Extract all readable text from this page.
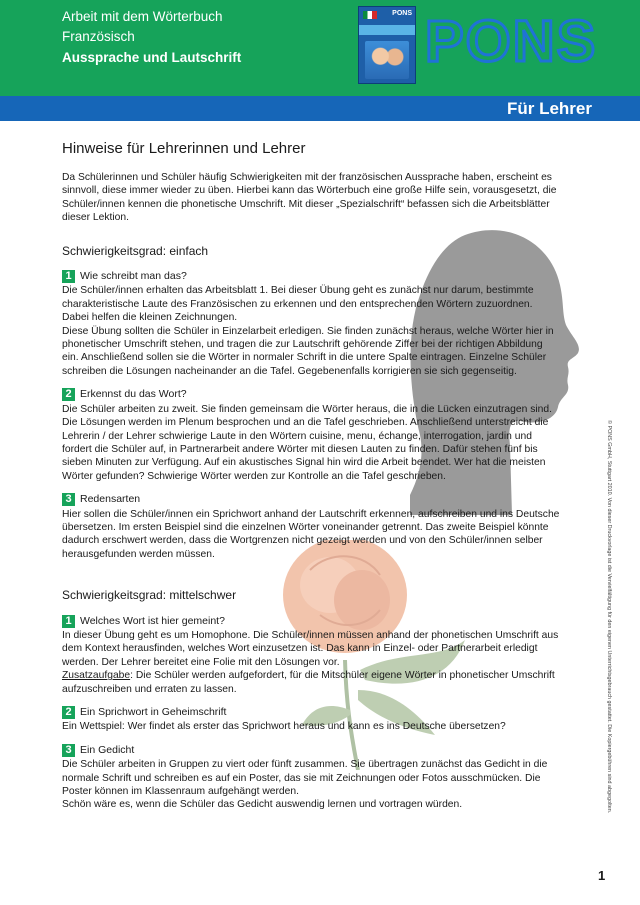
Arbeit mit dem Wörterbuch
Französisch
Aussprache und Lautschrift
PONS PONS
Für Lehrer
Hinweise für Lehrerinnen und Lehrer

Da Schülerinnen und Schüler häufig Schwierigkeiten mit der französischen Aussprache haben, erscheint es sinnvoll, diese immer wieder zu üben. Hierbei kann das Wörterbuch eine große Hilfe sein, vorausgesetzt, die Schüler/innen kennen die phonetische Umschrift. Mit dieser „Spezialschrift“ befassen sich die Arbeitsblätter dieser Lektion.

Schwierigkeitsgrad: einfach
1 Wie schreibt man das?

Die Schüler/innen erhalten das Arbeitsblatt 1. Bei dieser Übung geht es zunächst nur darum, bestimmte charakteristische Laute des Französischen zu erkennen und den entsprechenden Wörtern zuzuordnen. Dabei helfen die kleinen Zeichnungen.
Diese Übung sollten die Schüler in Einzelarbeit erledigen. Sie finden zunächst heraus, welche Wörter hier in phonetischer Umschrift stehen, und tragen die zur Lautschrift gehörende Ziffer bei der richtigen Abbildung ein. Anschließend sollen sie die Wörter in normaler Schrift in die untere Spalte eintragen. Einzelne Schüler schreiben die Lösungen nacheinander an die Tafel. Gegebenenfalls korrigieren sie sich gegenseitig.

2 Erkennst du das Wort?

Die Schüler arbeiten zu zweit. Sie finden gemeinsam die Wörter heraus, die in die Lücken einzutragen sind. Die Lösungen werden im Plenum besprochen und an die Tafel geschrieben. Anschließend unterstreicht die Lehrerin / der Lehrer schwierige Laute in den Wörtern cuisine, menu, échange, interrogation, jardin und fordert die Schüler auf, in Partnerarbeit andere Wörter mit diesen Lauten zu finden. Dafür stehen fünf bis sieben Minuten zur Verfügung. Auf ein akustisches Signal hin wird die Arbeit beendet. Wer hat die meisten Wörter gefunden? Schwierige Wörter werden zur Kontrolle an die Tafel geschrieben.

3 Redensarten

Hier sollen die Schüler/innen ein Sprichwort anhand der Lautschrift erkennen, aufschreiben und ins Deutsche übersetzen. Im ersten Beispiel sind die einzelnen Wörter voneinander getrennt. Das zweite Beispiel könnte dadurch erschwert werden, dass die Wortgrenzen nicht gezeigt werden und von den Schüler/innen selber herausgefunden werden müssen.

Schwierigkeitsgrad: mittelschwer
1 Welches Wort ist hier gemeint?

In dieser Übung geht es um Homophone. Die Schüler/innen müssen anhand der phonetischen Umschrift aus dem Kontext herausfinden, welches Wort einzusetzen ist. Das kann in Einzel- oder Partnerarbeit erledigt werden. Der Lehrer bereitet eine Folie mit den Lösungen vor.

Zusatzaufgabe: Die Schüler werden aufgefordert, für die Mitschüler eigene Wörter in phonetischer Umschrift aufzuschreiben und erraten zu lassen.

2 Ein Sprichwort in Geheimschrift

Ein Wettspiel: Wer findet als erster das Sprichwort heraus und kann es ins Deutsche übersetzen?

3 Ein Gedicht

Die Schüler arbeiten in Gruppen zu viert oder fünft zusammen. Sie übertragen zunächst das Gedicht in die normale Schrift und schreiben es auf ein Poster, das sie mit Zeichnungen oder Fotos ausschmücken. Die Poster können im Klassenraum aufgehängt werden.
Schön wäre es, wenn die Schüler das Gedicht auswendig lernen und vortragen würden.	© PONS GmbH, Stuttgart 2010. Von dieser Druckvorlage ist die Vervielfältigung für den eigenen Unterrichtsgebrauch gestattet. Die Kopiergebühren sind abgegolten.
1
